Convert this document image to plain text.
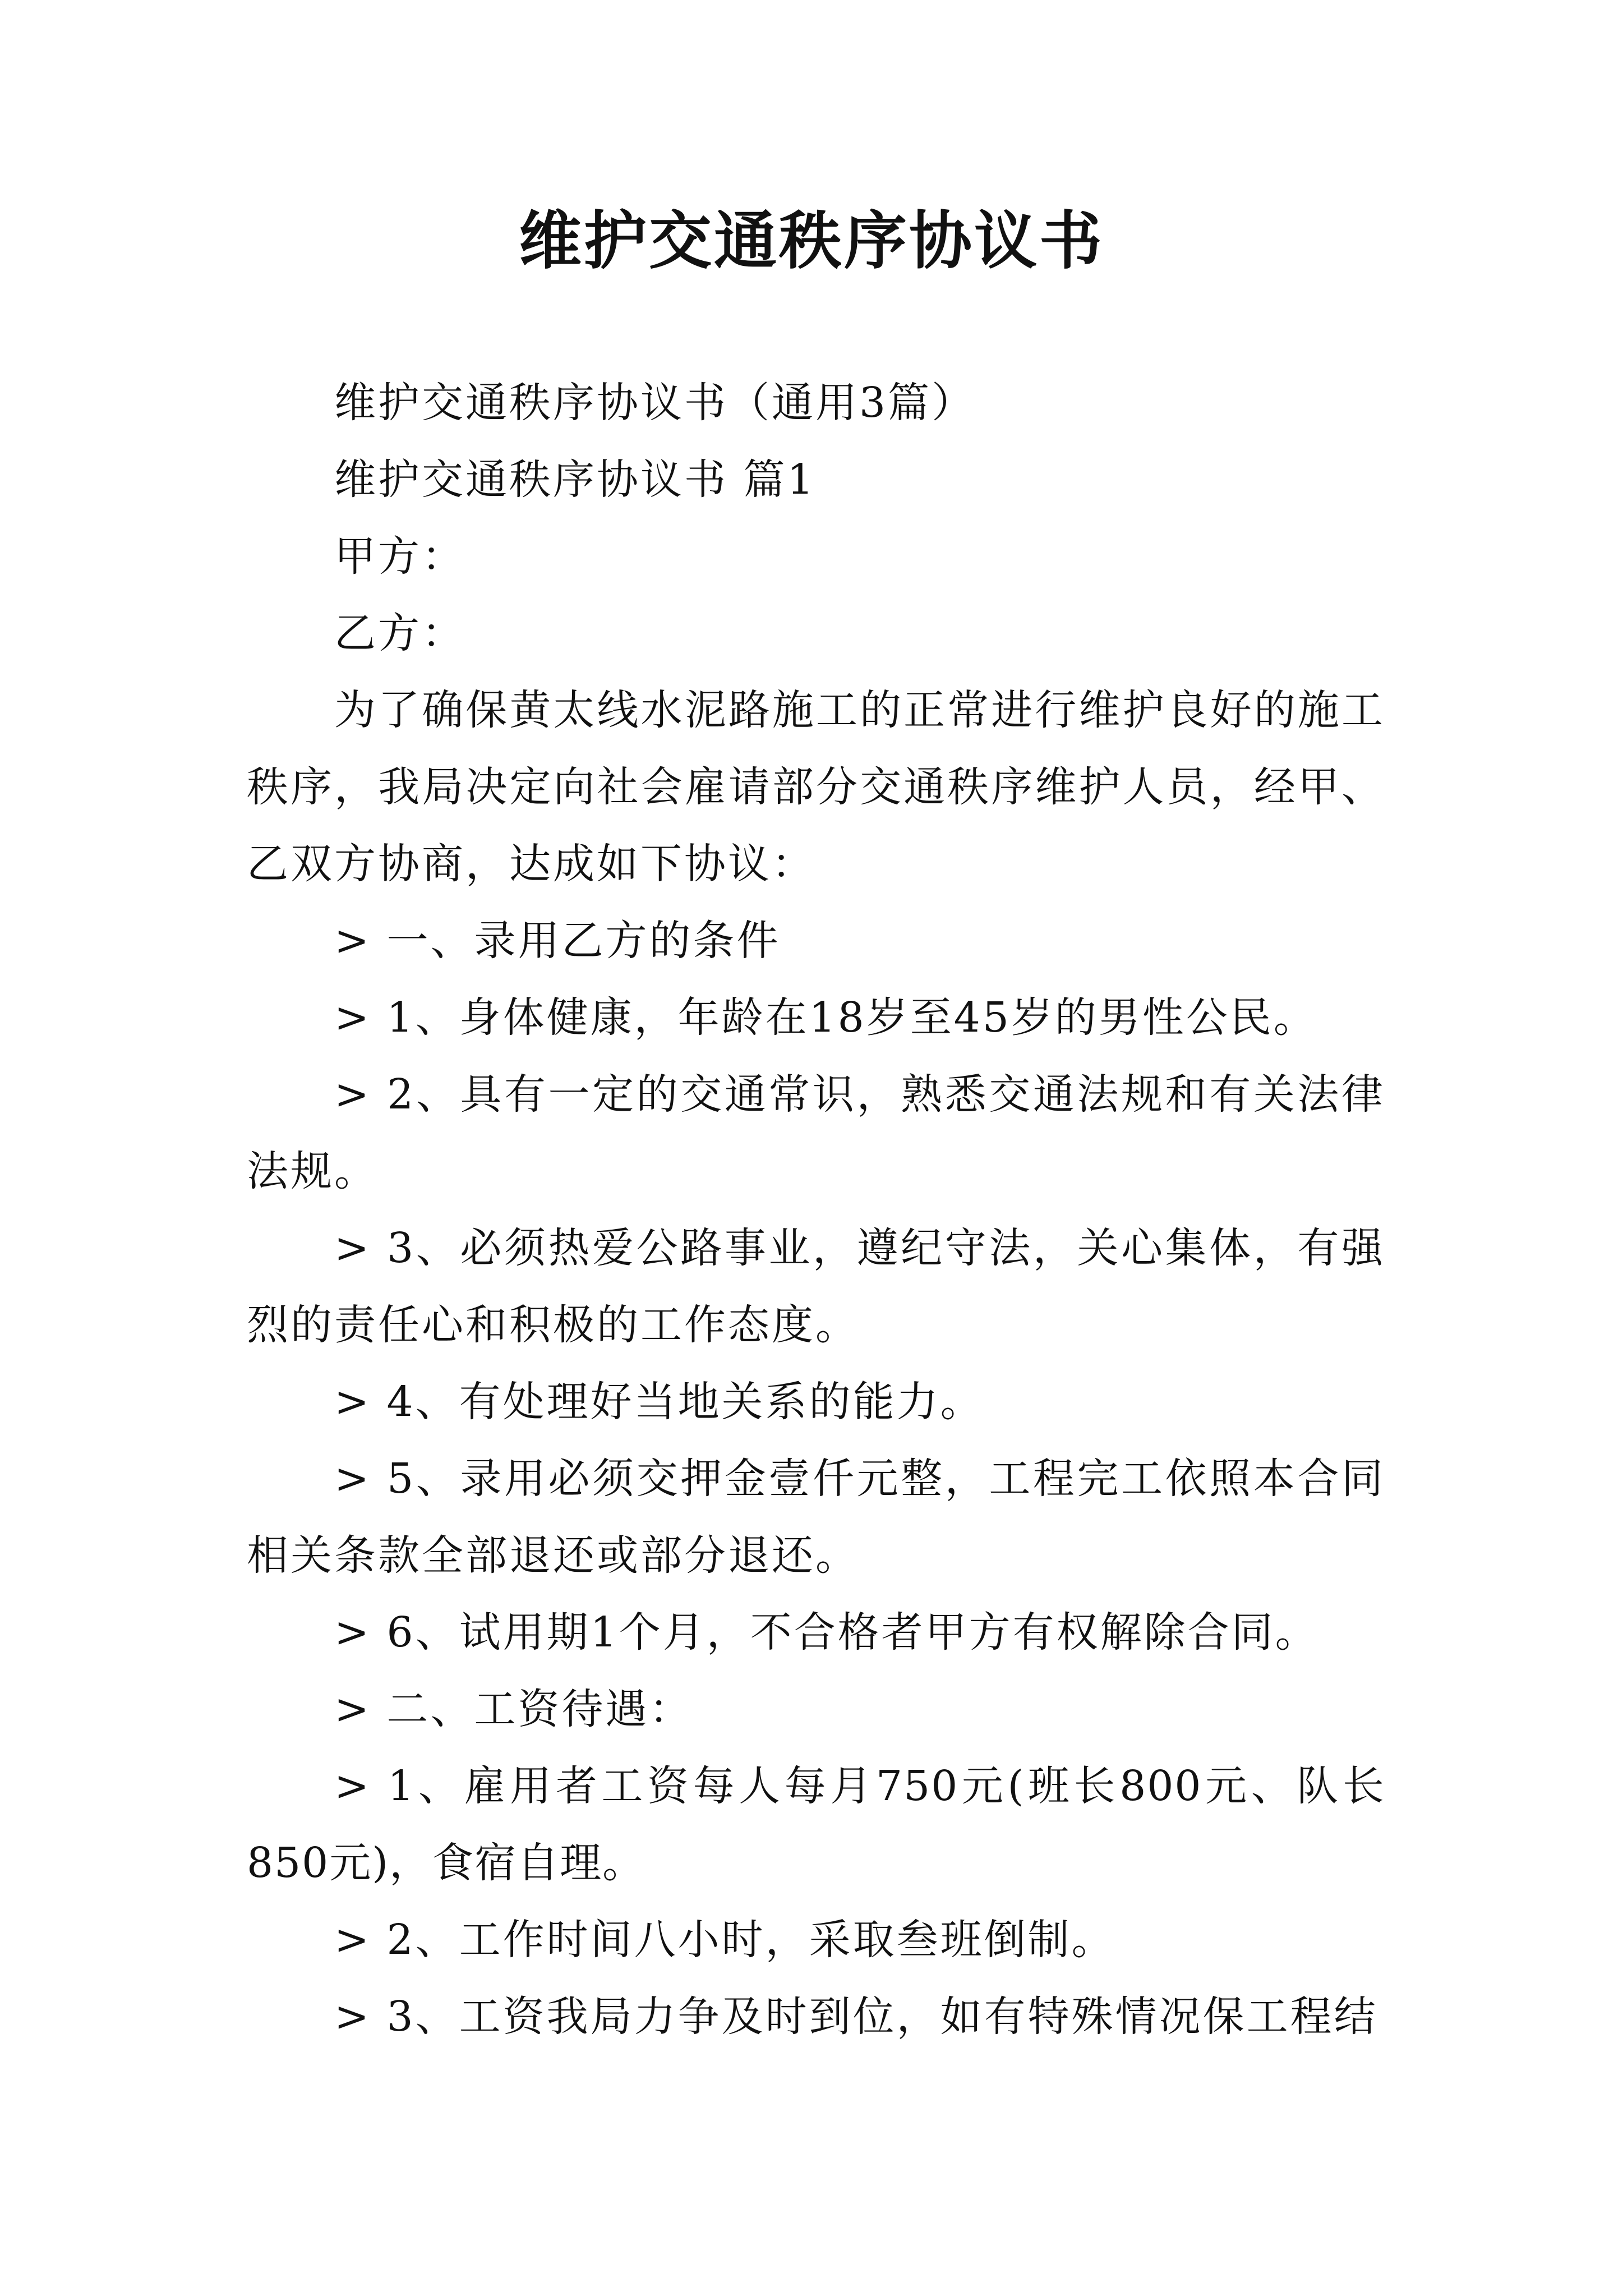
维护交通秩序协议书

维护交通秩序协议书（通用3篇）

维护交通秩序协议书 篇1

甲方：

乙方：

为了确保黄太线水泥路施工的正常进行维护良好的施工秩序，我局决定向社会雇请部分交通秩序维护人员，经甲、乙双方协商，达成如下协议：

> 一、录用乙方的条件

> 1、身体健康，年龄在18岁至45岁的男性公民。

> 2、具有一定的交通常识，熟悉交通法规和有关法律法规。

> 3、必须热爱公路事业，遵纪守法，关心集体，有强烈的责任心和积极的工作态度。

> 4、有处理好当地关系的能力。

> 5、录用必须交押金壹仟元整，工程完工依照本合同相关条款全部退还或部分退还。

> 6、试用期1个月，不合格者甲方有权解除合同。

> 二、工资待遇：

> 1、雇用者工资每人每月750元(班长800元、队长850元)，食宿自理。

> 2、工作时间八小时，采取叁班倒制。

> 3、工资我局力争及时到位，如有特殊情况保工程结
